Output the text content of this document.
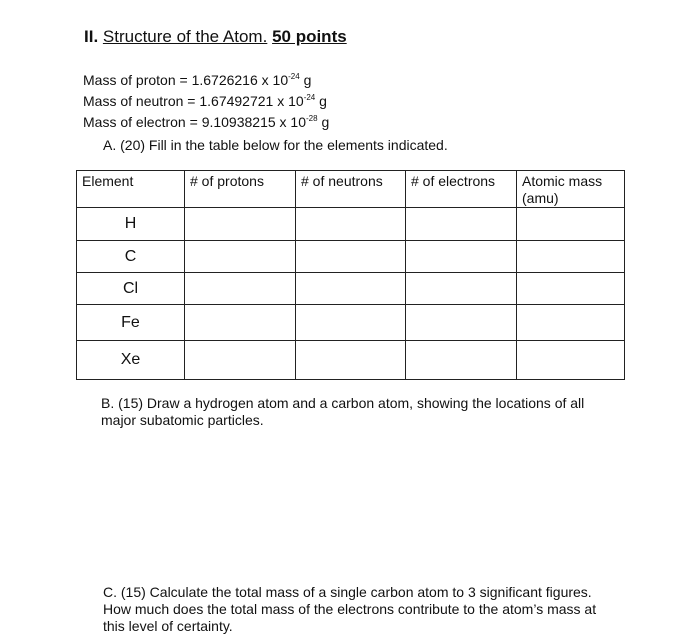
II. Structure of the Atom. 50 points
Mass of proton = 1.6726216 x $10^{-24}$ g
Mass of neutron = 1.67492721 x $10^{-24}$ g
Mass of electron = 9.10938215 x $10^{-28}$ g
A. (20) Fill in the table below for the elements indicated.
Element	# of protons	# of neutrons	# of electrons	Atomic mass (amu)
H				
C				
Cl				
Fe				
Xe				
B. (15) Draw a hydrogen atom and a carbon atom, showing the locations of all major subatomic particles.
C. (15) Calculate the total mass of a single carbon atom to 3 significant figures. How much does the total mass of the electrons contribute to the atom’s mass at this level of certainty.
